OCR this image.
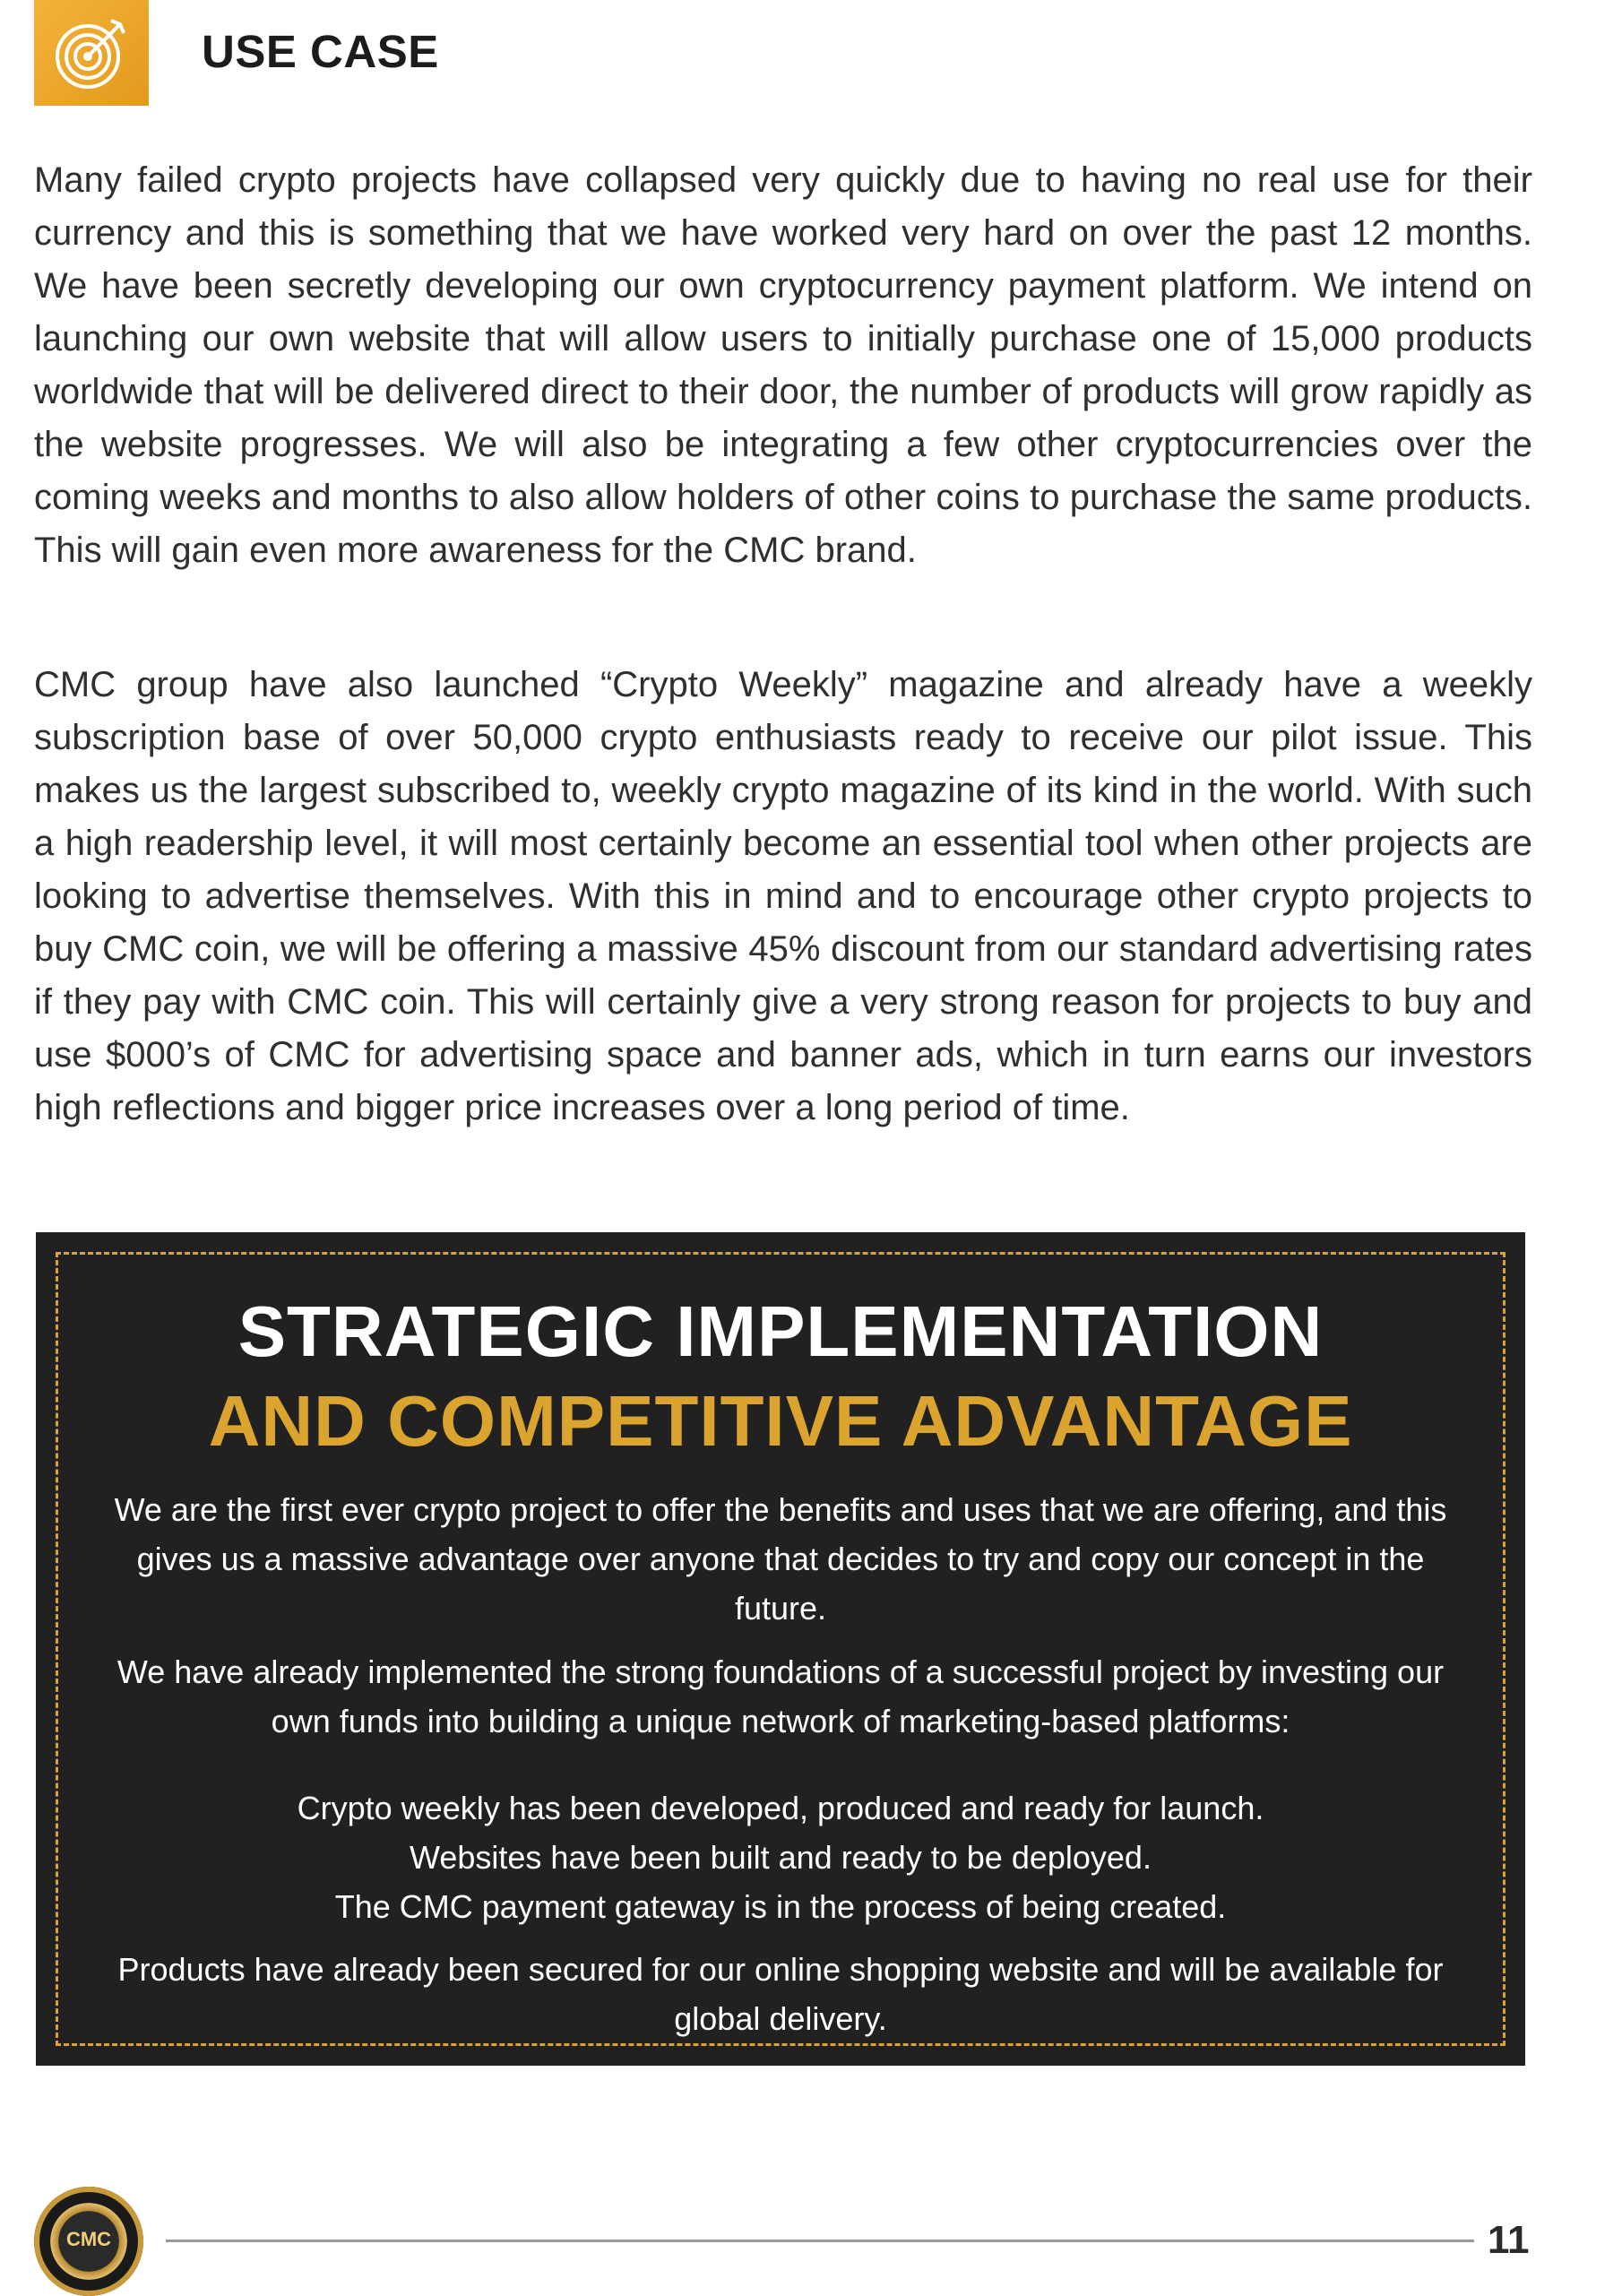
USE CASE
Many failed crypto projects have collapsed very quickly due to having no real use for their currency and this is something that we have worked very hard on over the past 12 months. We have been secretly developing our own cryptocurrency payment platform. We intend on launching our own website that will allow users to initially purchase one of 15,000 products worldwide that will be delivered direct to their door, the number of products will grow rapidly as the website progresses. We will also be integrating a few other cryptocurrencies over the coming weeks and months to also allow holders of other coins to purchase the same products. This will gain even more awareness for the CMC brand.
CMC group have also launched “Crypto Weekly” magazine and already have a weekly subscription base of over 50,000 crypto enthusiasts ready to receive our pilot issue. This makes us the largest subscribed to, weekly crypto magazine of its kind in the world. With such a high readership level, it will most certainly become an essential tool when other projects are looking to advertise themselves. With this in mind and to encourage other crypto projects to buy CMC coin, we will be offering a massive 45% discount from our standard advertising rates if they pay with CMC coin. This will certainly give a very strong reason for projects to buy and use $000’s of CMC for advertising space and banner ads, which in turn earns our investors high reflections and bigger price increases over a long period of time.
STRATEGIC IMPLEMENTATION
AND COMPETITIVE ADVANTAGE
We are the first ever crypto project to offer the benefits and uses that we are offering, and this gives us a massive advantage over anyone that decides to try and copy our concept in the future.
We have already implemented the strong foundations of a successful project by investing our own funds into building a unique network of marketing-based platforms:
Crypto weekly has been developed, produced and ready for launch.
Websites have been built and ready to be deployed.
The CMC payment gateway is in the process of being created.
Products have already been secured for our online shopping website and will be available for global delivery.
CMC	11
